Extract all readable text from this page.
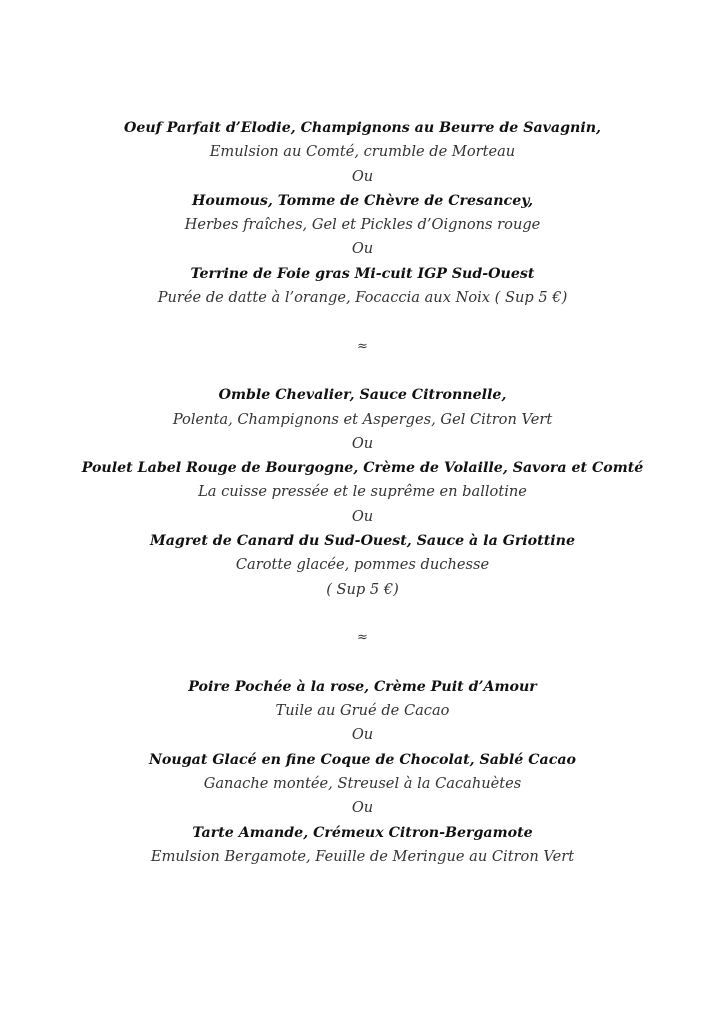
Oeuf Parfait d’Elodie, Champignons au Beurre de Savagnin,
Emulsion au Comté, crumble de Morteau
Ou
Houmous, Tomme de Chèvre de Cresancey,
Herbes fraîches, Gel et Pickles d’Oignons rouge
Ou
Terrine de Foie gras Mi-cuit IGP Sud-Ouest
Purée de datte à l’orange, Focaccia aux Noix ( Sup 5 €)
≈
Omble Chevalier, Sauce Citronnelle,
Polenta, Champignons et Asperges, Gel Citron Vert
Ou
Poulet Label Rouge de Bourgogne, Crème de Volaille, Savora et Comté
La cuisse pressée et le suprême en ballotine
Ou
Magret de Canard du Sud-Ouest, Sauce à la Griottine
Carotte glacée, pommes duchesse
( Sup 5 €)
≈
Poire Pochée à la rose, Crème Puit d’Amour
Tuile au Grué de Cacao
Ou
Nougat Glacé en fine Coque de Chocolat, Sablé Cacao
Ganache montée, Streusel à la Cacahuètes
Ou
Tarte Amande, Crémeux Citron-Bergamote
Emulsion Bergamote, Feuille de Meringue au Citron Vert
